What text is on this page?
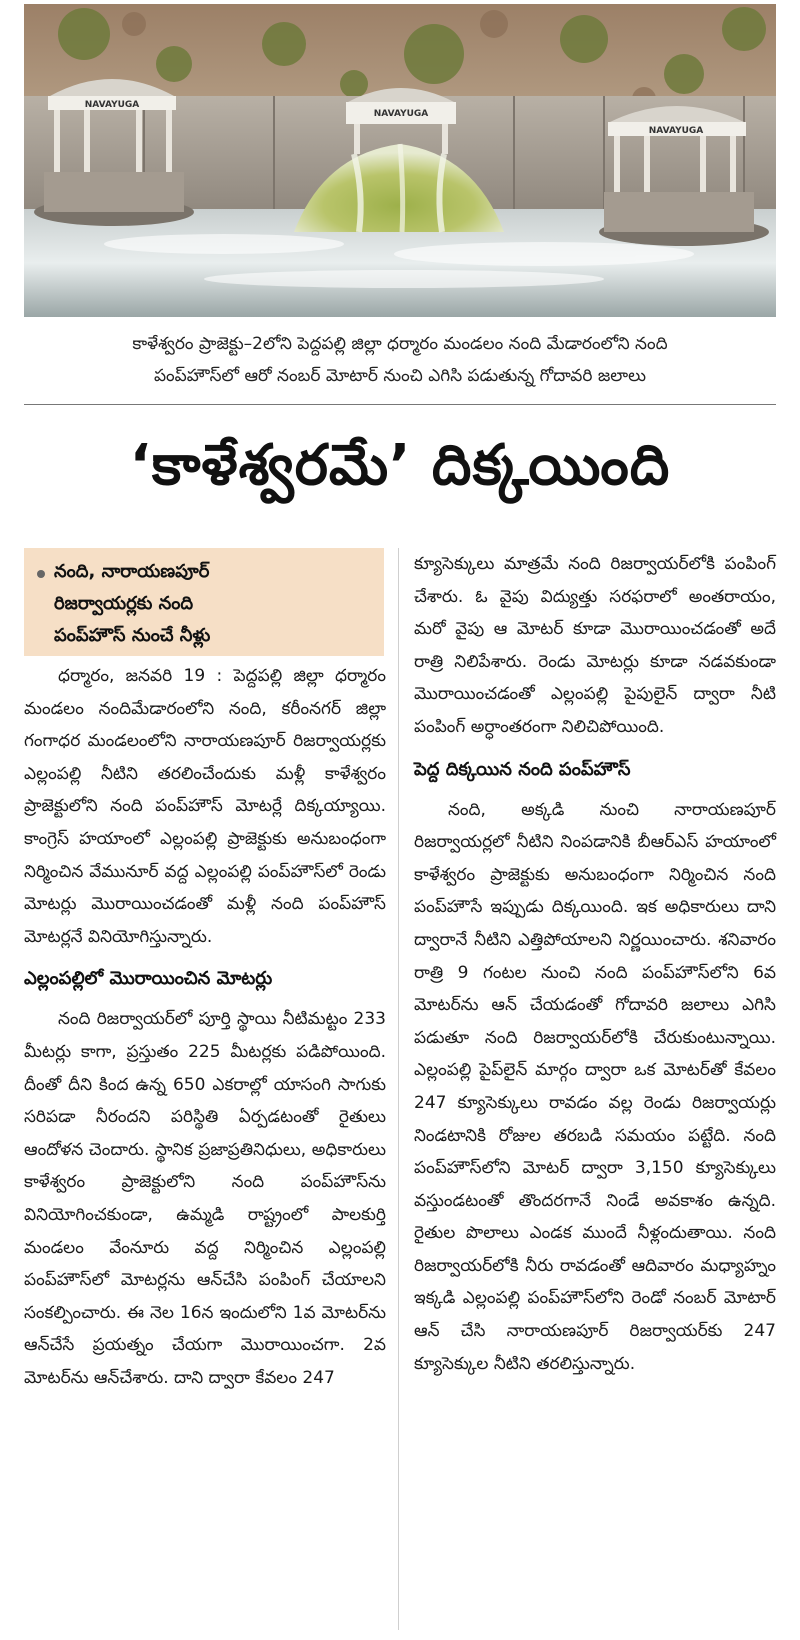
NAVAYUGA
NAVAYUGA
NAVAYUGA
కాళేశ్వరం ప్రాజెక్టు–2లోని పెద్దపల్లి జిల్లా ధర్మారం మండలం నంది మేడారంలోని నంది
పంప్‌హౌస్‌లో ఆరో నంబర్ మోటార్ నుంచి ఎగిసి పడుతున్న గోదావరి జలాలు
‘కాళేశ్వరమే’ దిక్కయింది
నంది, నారాయణపూర్
రిజర్వాయర్లకు నంది
పంప్‌హౌస్ నుంచే నీళ్లు

ధర్మారం, జనవరి 19 : పెద్దపల్లి జిల్లా ధర్మారం మండలం నందిమేడారంలోని నంది, కరీంనగర్ జిల్లా గంగాధర మండలంలోని నారాయణపూర్ రిజర్వాయర్లకు ఎల్లంపల్లి నీటిని తరలించేందుకు మళ్లీ కాళేశ్వరం ప్రాజెక్టులోని నంది పంప్‌హౌస్ మోటర్లే దిక్కయ్యాయి. కాంగ్రెస్ హయాంలో ఎల్లంపల్లి ప్రాజెక్టుకు అనుబంధంగా నిర్మించిన వేమునూర్ వద్ద ఎల్లంపల్లి పంప్‌హౌస్‌లో రెండు మోటర్లు మొరాయించడంతో మళ్లీ నంది పంప్‌హౌస్ మోటర్లనే వినియోగిస్తున్నారు.

ఎల్లంపల్లిలో మొరాయించిన మోటర్లు

నంది రిజర్వాయర్‌లో పూర్తి స్థాయి నీటిమట్టం 233 మీటర్లు కాగా, ప్రస్తుతం 225 మీటర్లకు పడిపోయింది. దీంతో దీని కింద ఉన్న 650 ఎకరాల్లో యాసంగి సాగుకు సరిపడా నీరందని పరిస్థితి ఏర్పడటంతో రైతులు ఆందోళన చెందారు. స్థానిక ప్రజాప్రతినిధులు, అధికారులు కాళేశ్వరం ప్రాజెక్టులోని నంది పంప్‌హౌస్‌ను వినియోగించకుండా, ఉమ్మడి రాష్ట్రంలో పాలకుర్తి మండలం వేంనూరు వద్ద నిర్మించిన ఎల్లంపల్లి పంప్‌హౌస్‌లో మోటర్లను ఆన్‌చేసి పంపింగ్ చేయాలని సంకల్పించారు. ఈ నెల 16న ఇందులోని 1వ మోటర్‌ను ఆన్‌చేసే ప్రయత్నం చేయగా మొరాయించగా. 2వ మోటర్‌ను ఆన్‌చేశారు. దాని ద్వారా కేవలం 247

క్యూసెక్కులు మాత్రమే నంది రిజర్వాయర్‌లోకి పంపింగ్ చేశారు. ఓ వైపు విద్యుత్తు సరఫరాలో అంతరాయం, మరో వైపు ఆ మోటర్ కూడా మొరాయించడంతో అదే రాత్రి నిలిపేశారు. రెండు మోటర్లు కూడా నడవకుండా మొరాయించడంతో ఎల్లంపల్లి పైపులైన్ ద్వారా నీటి పంపింగ్ అర్ధాంతరంగా నిలిచిపోయింది.

పెద్ద దిక్కయిన నంది పంప్‌హౌస్

నంది, అక్కడి నుంచి నారాయణపూర్ రిజర్వాయర్లలో నీటిని నింపడానికి బీఆర్‌ఎస్ హయాంలో కాళేశ్వరం ప్రాజెక్టుకు అనుబంధంగా నిర్మించిన నంది పంప్‌హౌసే ఇప్పుడు దిక్కయింది. ఇక అధికారులు దాని ద్వారానే నీటిని ఎత్తిపోయాలని నిర్ణయించారు. శనివారం రాత్రి 9 గంటల నుంచి నంది పంప్‌హౌస్‌లోని 6వ మోటర్‌ను ఆన్ చేయడంతో గోదావరి జలాలు ఎగిసి పడుతూ నంది రిజర్వాయర్‌లోకి చేరుకుంటున్నాయి. ఎల్లంపల్లి పైప్‌లైన్ మార్గం ద్వారా ఒక మోటర్‌తో కేవలం 247 క్యూసెక్కులు రావడం వల్ల రెండు రిజర్వాయర్లు నిండటానికి రోజుల తరబడి సమయం పట్టేది. నంది పంప్‌హౌస్‌లోని మోటర్ ద్వారా 3,150 క్యూసెక్కులు వస్తుండటంతో తొందరగానే నిండే అవకాశం ఉన్నది. రైతుల పొలాలు ఎండక ముందే నీళ్లందుతాయి. నంది రిజర్వాయర్‌లోకి నీరు రావడంతో ఆదివారం మధ్యాహ్నం ఇక్కడి ఎల్లంపల్లి పంప్‌హౌస్‌లోని రెండో నంబర్ మోటార్ ఆన్ చేసి నారాయణపూర్ రిజర్వాయర్‌కు 247 క్యూసెక్కుల నీటిని తరలిస్తున్నారు.
